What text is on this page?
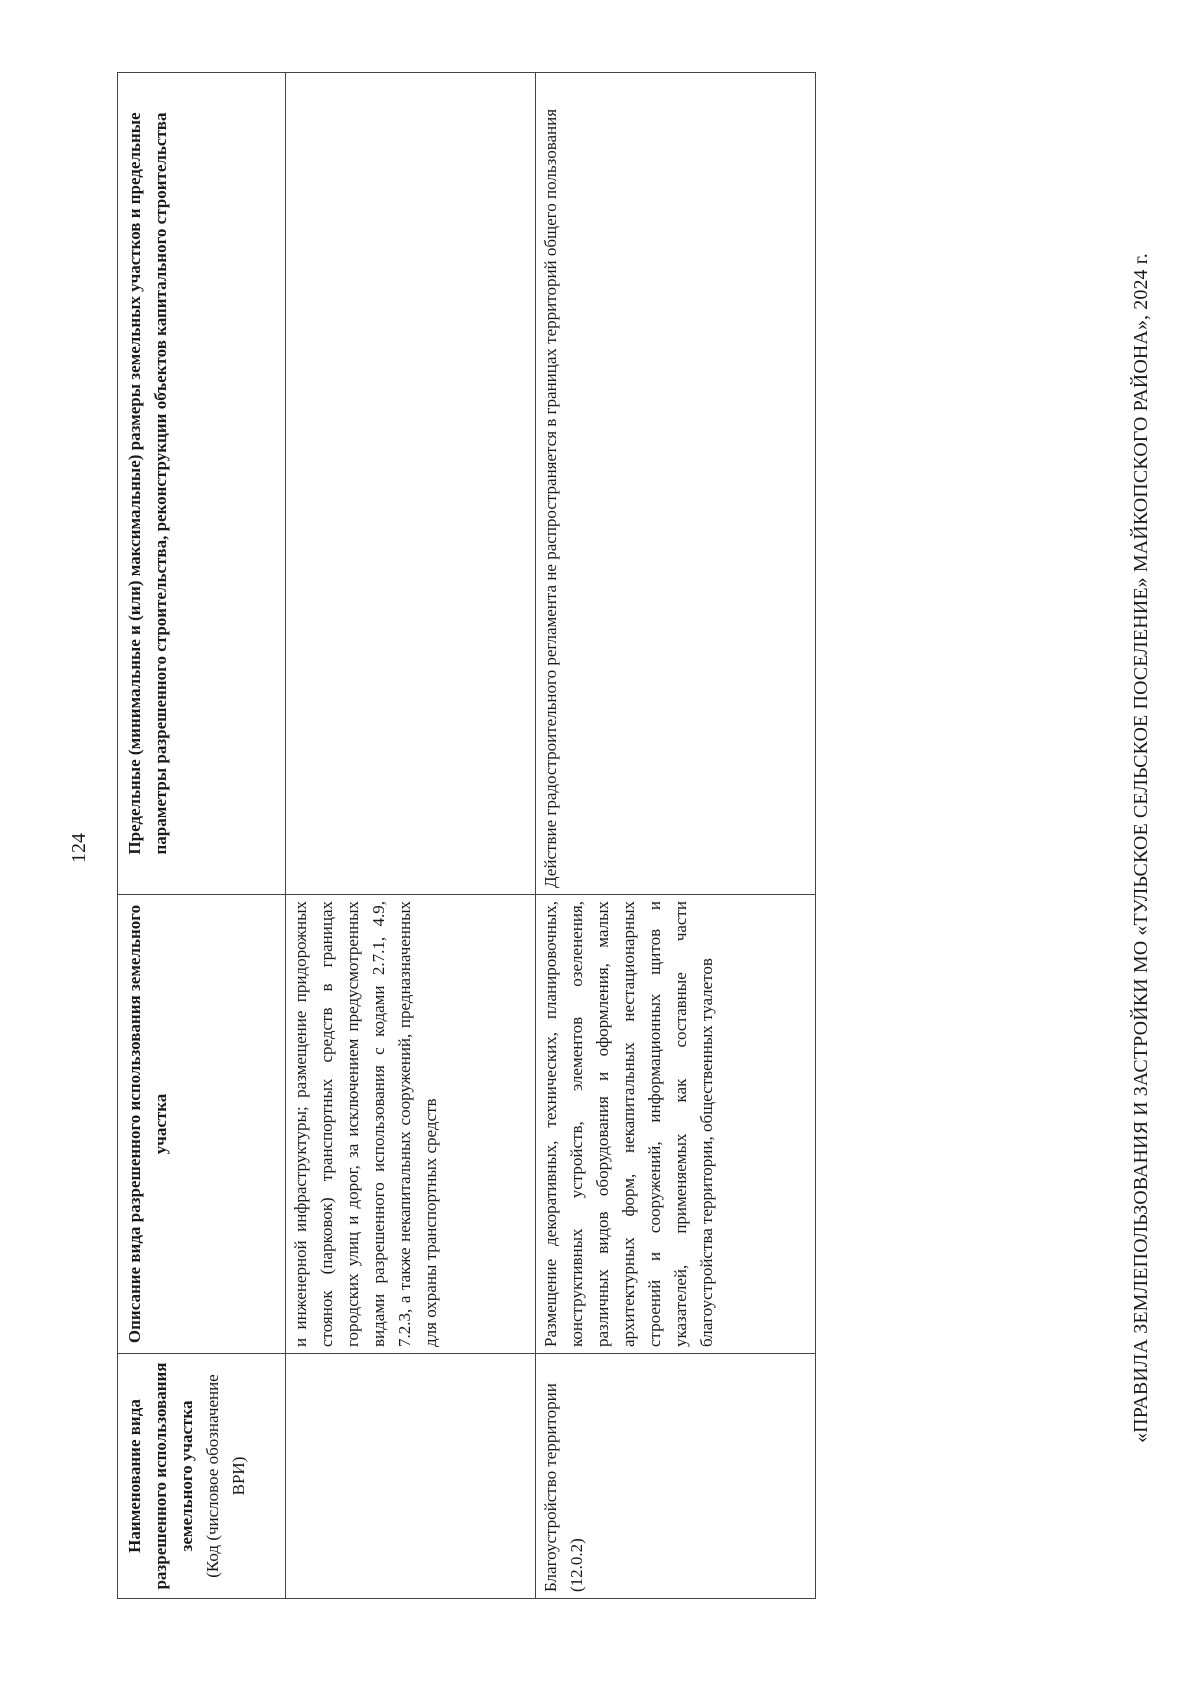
124
Наименование вида разрешенного использования земельного участка (Код (числовое обозначение ВРИ)	Описание вида разрешенного использования земельного участка	Предельные (минимальные и (или) максимальные) размеры земельных участков и предельные параметры разрешенного строительства, реконструкции объектов капитального строительства
	и инженерной инфраструктуры; размещение придорожных стоянок (парковок) транспортных средств в границах городских улиц и дорог, за исключением предусмотренных видами разрешенного использования с кодами 2.7.1, 4.9, 7.2.3, а также некапитальных сооружений, предназначенных для охраны транспортных средств	
Благоустройство территории (12.0.2)	Размещение декоративных, технических, планировочных, конструктивных устройств, элементов озеленения, различных видов оборудования и оформления, малых архитектурных форм, некапитальных нестационарных строений и сооружений, информационных щитов и указателей, применяемых как составные части благоустройства территории, общественных туалетов	Действие градостроительного регламента не распространяется в границах территорий общего пользования	«ПРАВИЛА ЗЕМЛЕПОЛЬЗОВАНИЯ И ЗАСТРОЙКИ МО «ТУЛЬСКОЕ СЕЛЬСКОЕ ПОСЕЛЕНИЕ» МАЙКОПСКОГО РАЙОНА», 2024 г.
